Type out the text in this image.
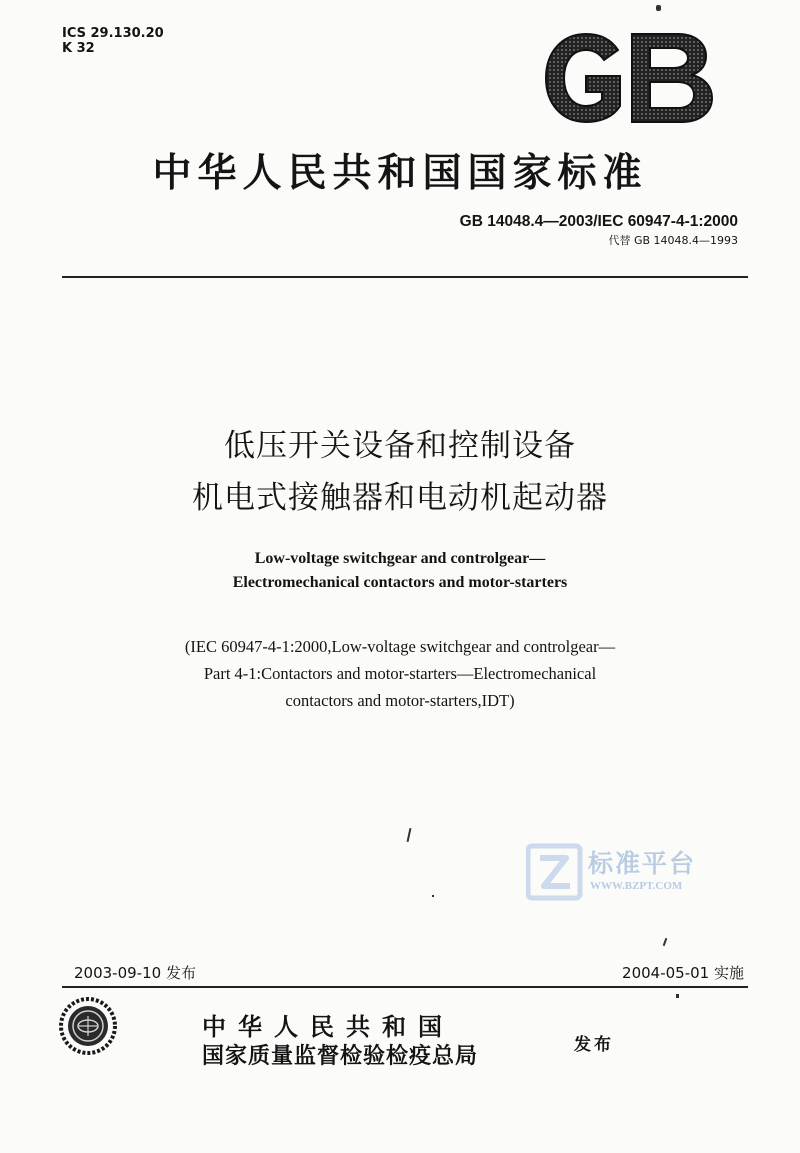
ICS 29.130.20
K 32
中华人民共和国国家标准
GB 14048.4—2003/IEC 60947-4-1:2000
代替 GB 14048.4—1993
低压开关设备和控制设备
机电式接触器和电动机起动器
Low-voltage switchgear and controlgear—
Electromechanical contactors and motor-starters
(IEC 60947-4-1:2000,Low-voltage switchgear and controlgear—
Part 4-1:Contactors and motor-starters—Electromechanical
contactors and motor-starters,IDT)
标准平台
WWW.BZPT.COM
2003-09-10 发布	2004-05-01 实施
中华人民共和国
国家质量监督检验检疫总局	发布
